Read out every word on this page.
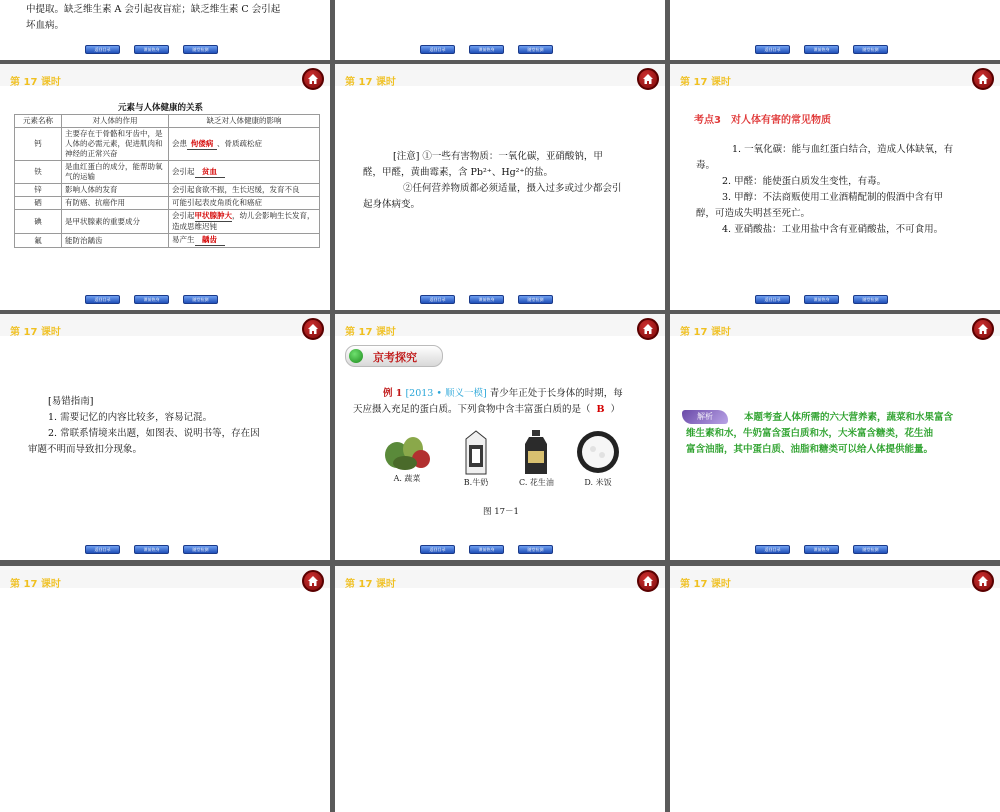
中提取。缺乏维生素 A 会引起夜盲症；缺乏维生素 C 会引起
坏血病。
返回目录	课前热身	随堂检测	返回目录	课前热身	随堂检测	返回目录	课前热身	随堂检测
第 17 课时
元素与人体健康的关系
元素名称	对人体的作用	缺乏对人体健康的影响
钙	主要存在于骨骼和牙齿中，是人体的必需元素，促进肌肉和神经的正常兴奋	会患 佝偻病 、骨质疏松症
铁	是血红蛋白的成分，能帮助氧气的运输	会引起 贫血
锌	影响人体的发育	会引起食欲不振，生长迟缓，发育不良
硒	有防癌、抗癌作用	可能引起表皮角质化和癌症
碘	是甲状腺素的重要成分	会引起甲状腺肿大，幼儿会影响生长发育，造成思维迟钝
氟	能防治龋齿	易产生 龋齿
返回目录	课前热身	随堂检测
第 17 课时
[注意] ①一些有害物质：一氧化碳，亚硝酸钠，甲
醛，甲醛，黄曲霉素，含 Pb²⁺、Hg²⁺的盐。
②任何营养物质都必须适量，摄入过多或过少都会引
起身体病变。
返回目录	课前热身	随堂检测
第 17 课时
考点3　对人体有害的常见物质
1. 一氧化碳：能与血红蛋白结合，造成人体缺氧，有
毒。
2. 甲醛：能使蛋白质发生变性，有毒。
3. 甲醇：不法商贩使用工业酒精配制的假酒中含有甲
醇，可造成失明甚至死亡。
4. 亚硝酸盐：工业用盐中含有亚硝酸盐，不可食用。
返回目录	课前热身	随堂检测
第 17 课时
[易错指南]
1. 需要记忆的内容比较多，容易记混。
2. 常联系情境来出题，如图表、说明书等，存在因
审题不明而导致扣分现象。
返回目录	课前热身	随堂检测
第 17 课时
京考探究
例 1 [2013 • 顺义一模] 青少年正处于长身体的时期，每
天应摄入充足的蛋白质。下列食物中含丰富蛋白质的是（ B ）
A. 蔬菜	B.牛奶	C. 花生油	D. 米饭
图 17－1
返回目录	课前热身	随堂检测
第 17 课时
解析	本题考查人体所需的六大营养素，蔬菜和水果富含
维生素和水，牛奶富含蛋白质和水，大米富含糖类，花生油
富含油脂，其中蛋白质、油脂和糖类可以给人体提供能量。
返回目录	课前热身	随堂检测
第 17 课时	第 17 课时	第 17 课时
